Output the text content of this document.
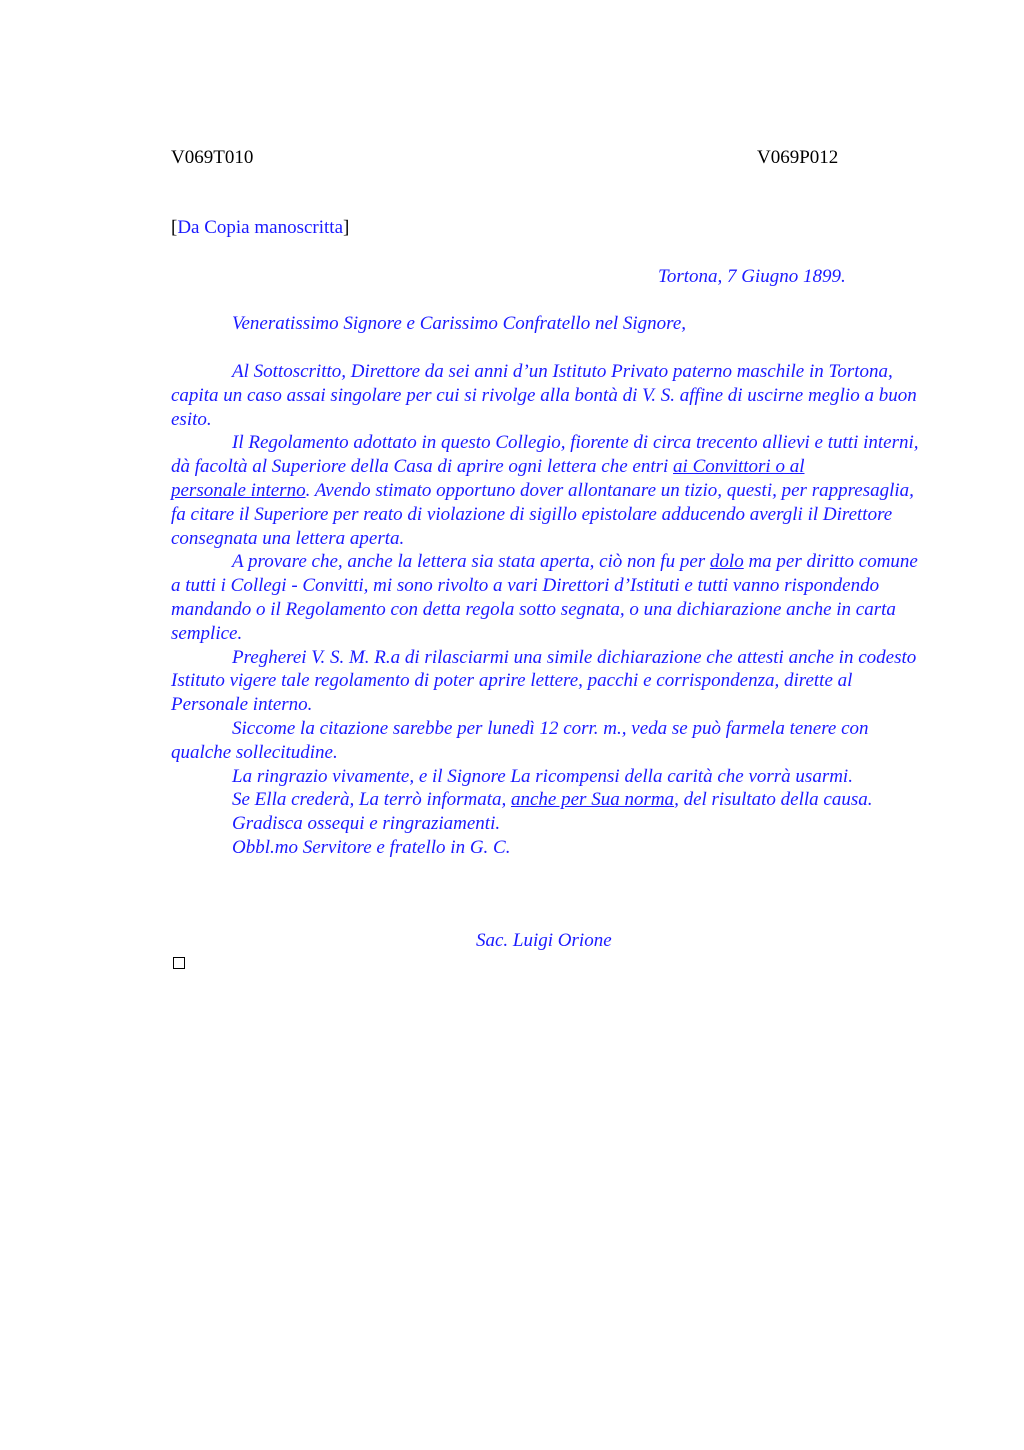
V069T010	V069P012
[Da Copia manoscritta]
Tortona, 7 Giugno 1899.
Veneratissimo Signore e Carissimo Confratello nel Signore,

Al Sottoscritto, Direttore da sei anni d’un Istituto Privato paterno maschile in Tortona, capita un caso assai singolare per cui si rivolge alla bontà di V. S. affine di uscirne meglio a buon esito.

Il Regolamento adottato in questo Collegio, fiorente di circa trecento allievi e tutti interni, dà facoltà al Superiore della Casa di aprire ogni lettera che entri ai Convittori o al
personale interno. Avendo stimato opportuno dover allontanare un tizio, questi, per rappresaglia, fa citare il Superiore per reato di violazione di sigillo epistolare adducendo avergli il Direttore consegnata una lettera aperta.

A provare che, anche la lettera sia stata aperta, ciò non fu per dolo ma per diritto comune a tutti i Collegi - Convitti, mi sono rivolto a vari Direttori d’Istituti e tutti vanno rispondendo mandando o il Regolamento con detta regola sotto segnata, o una dichiarazione anche in carta semplice.

Pregherei V. S. M. R.a di rilasciarmi una simile dichiarazione che attesti anche in codesto Istituto vigere tale regolamento di poter aprire lettere, pacchi e corrispondenza, dirette al Personale interno.

Siccome la citazione sarebbe per lunedì 12 corr. m., veda se può farmela tenere con qualche sollecitudine.

La ringrazio vivamente, e il Signore La ricompensi della carità che vorrà usarmi.

Se Ella crederà, La terrò informata, anche per Sua norma, del risultato della causa.

Gradisca ossequi e ringraziamenti.

Obbl.mo Servitore e fratello in G. C.

Sac. Luigi Orione
